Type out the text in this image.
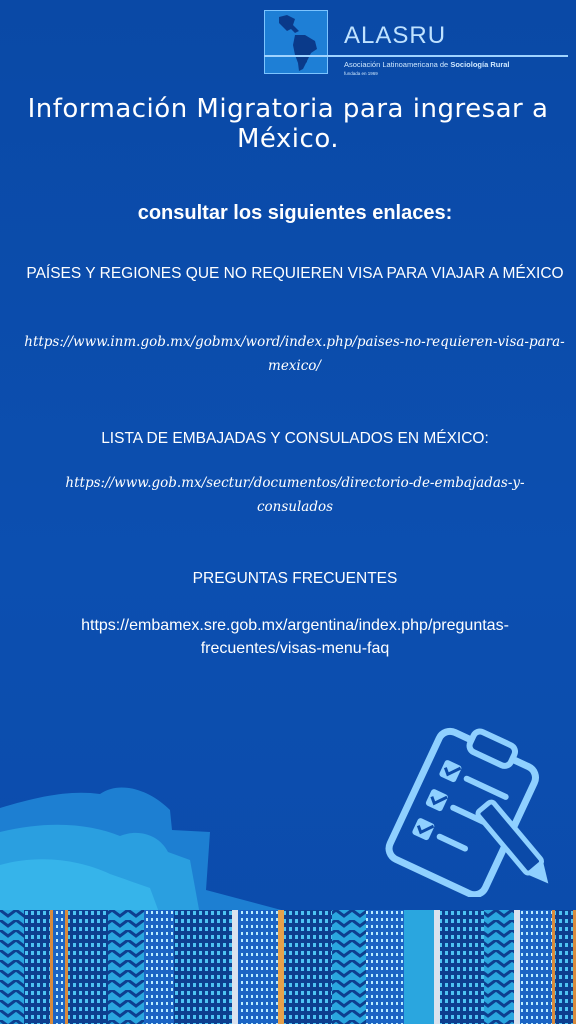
ALASRU
Asociación Latinoamericana de Sociología Rural
fundada en 1969
Información Migratoria para ingresar a México.
consultar los siguientes enlaces:
PAÍSES Y REGIONES QUE NO REQUIEREN VISA PARA VIAJAR A MÉXICO
https://www.inm.gob.mx/gobmx/word/index.php/paises-no-requieren-visa-para-mexico/
LISTA DE EMBAJADAS Y CONSULADOS EN MÉXICO:
https://www.gob.mx/sectur/documentos/directorio-de-embajadas-y-consulados
PREGUNTAS FRECUENTES
https://embamex.sre.gob.mx/argentina/index.php/preguntas-frecuentes/visas-menu-faq
